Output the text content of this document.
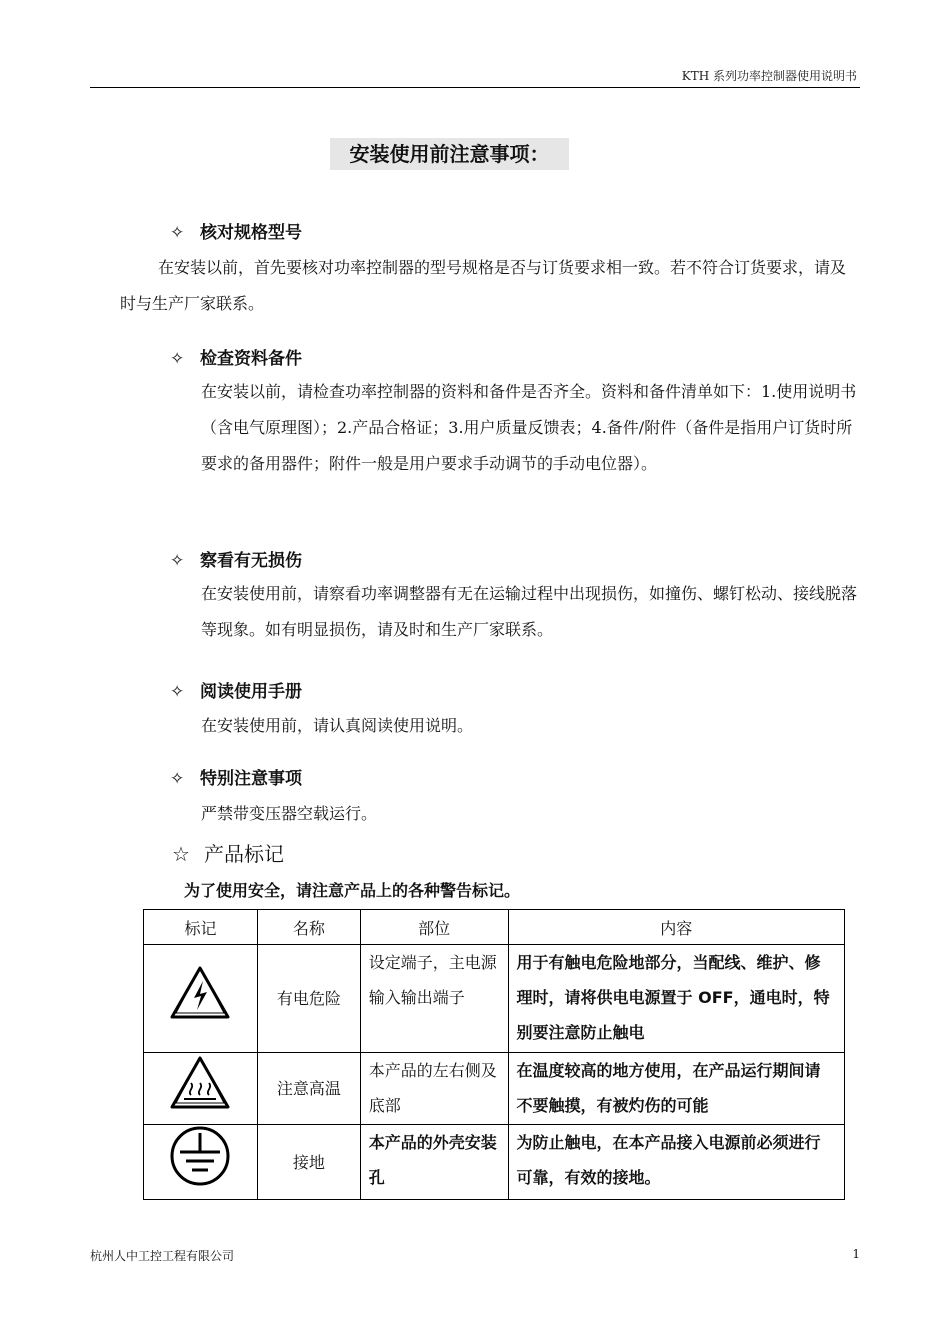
KTH 系列功率控制器使用说明书
安装使用前注意事项：
✧ 核对规格型号
在安装以前，首先要核对功率控制器的型号规格是否与订货要求相一致。若不符合订货要求，请及时与生产厂家联系。
✧ 检查资料备件
在安装以前，请检查功率控制器的资料和备件是否齐全。资料和备件清单如下：1.使用说明书（含电气原理图）；2.产品合格证；3.用户质量反馈表；4.备件/附件（备件是指用户订货时所要求的备用器件；附件一般是用户要求手动调节的手动电位器）。
✧ 察看有无损伤
在安装使用前，请察看功率调整器有无在运输过程中出现损伤，如撞伤、螺钉松动、接线脱落等现象。如有明显损伤，请及时和生产厂家联系。
✧ 阅读使用手册
在安装使用前，请认真阅读使用说明。
✧ 特别注意事项
严禁带变压器空载运行。
☆ 产品标记
为了使用安全，请注意产品上的各种警告标记。
标记	名称	部位	内容
	有电危险	设定端子，主电源输入输出端子	用于有触电危险地部分，当配线、维护、修理时，请将供电电源置于 OFF，通电时，特别要注意防止触电
	注意高温	本产品的左右侧及底部	在温度较高的地方使用，在产品运行期间请不要触摸，有被灼伤的可能
	接地	本产品的外壳安装孔	为防止触电，在本产品接入电源前必须进行可靠，有效的接地。
杭州人中工控工程有限公司	1
